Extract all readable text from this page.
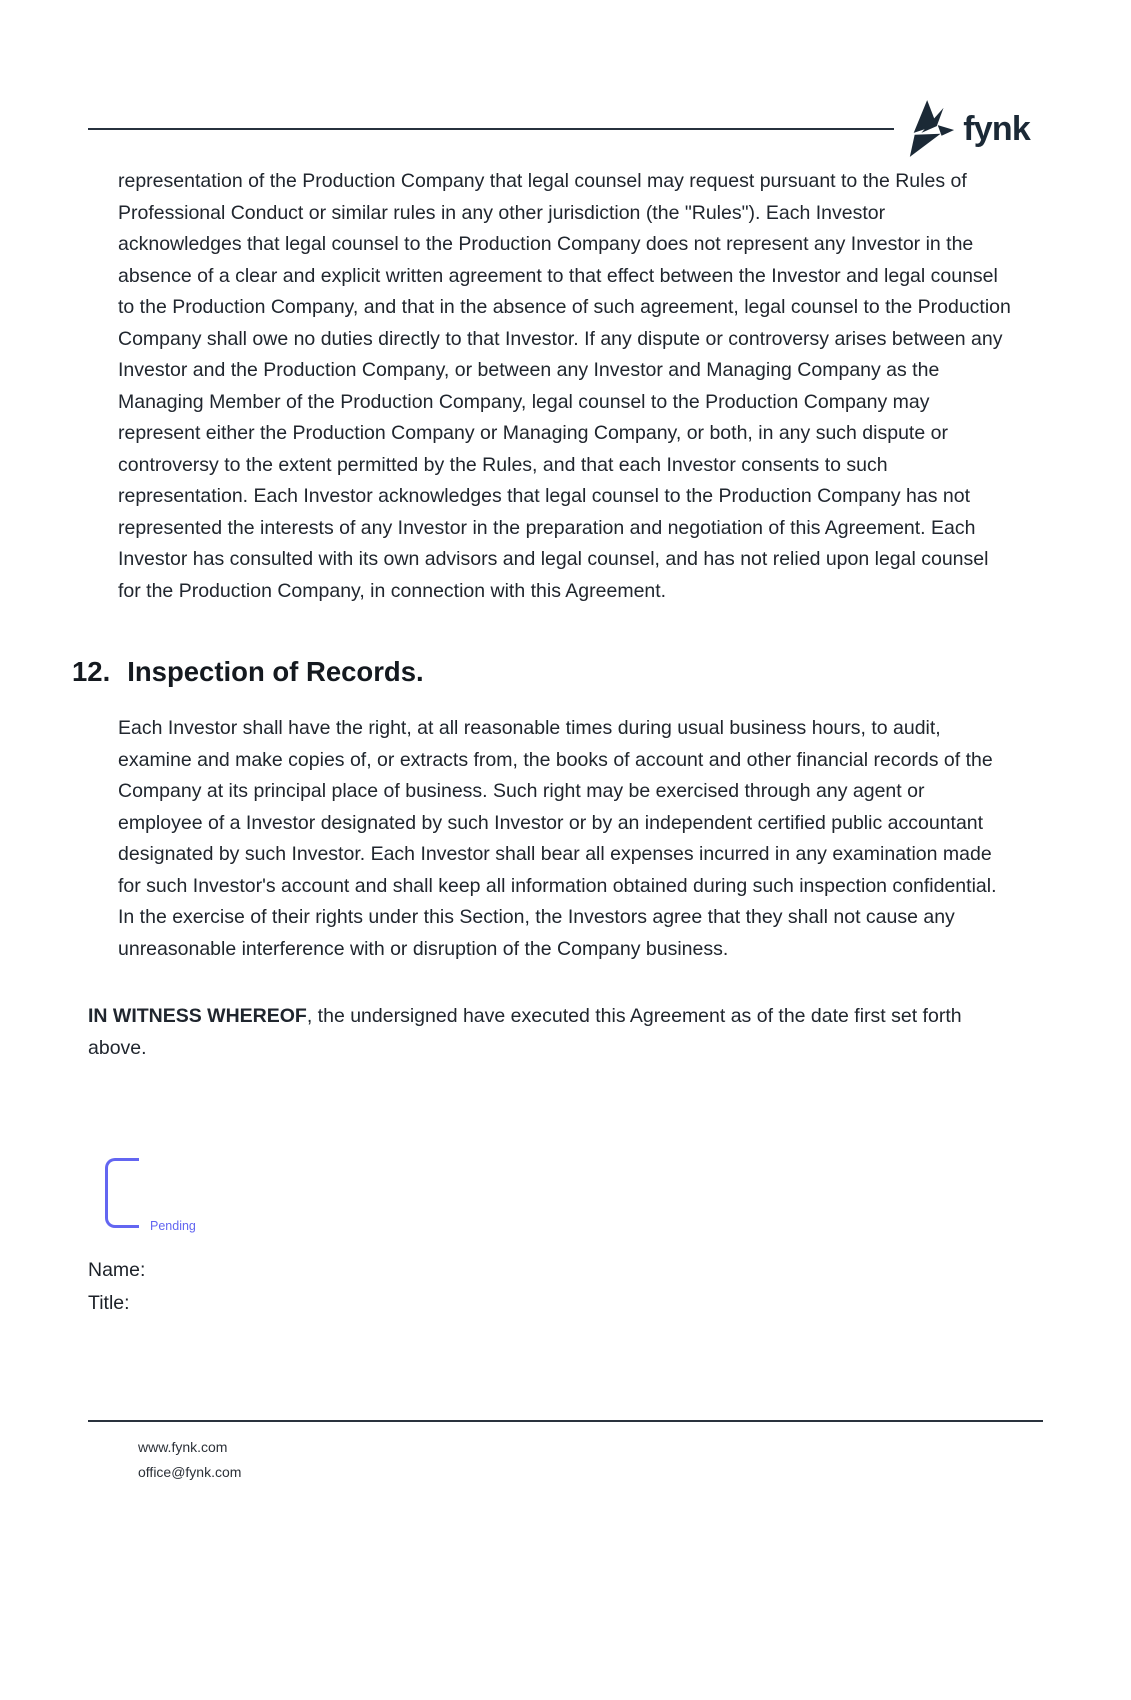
fynk

representation of the Production Company that legal counsel may request pursuant to the Rules of Professional Conduct or similar rules in any other jurisdiction (the "Rules"). Each Investor acknowledges that legal counsel to the Production Company does not represent any Investor in the absence of a clear and explicit written agreement to that effect between the Investor and legal counsel to the Production Company, and that in the absence of such agreement, legal counsel to the Production Company shall owe no duties directly to that Investor. If any dispute or controversy arises between any Investor and the Production Company, or between any Investor and Managing Company as the Managing Member of the Production Company, legal counsel to the Production Company may represent either the Production Company or Managing Company, or both, in any such dispute or controversy to the extent permitted by the Rules, and that each Investor consents to such representation. Each Investor acknowledges that legal counsel to the Production Company has not represented the interests of any Investor in the preparation and negotiation of this Agreement. Each Investor has consulted with its own advisors and legal counsel, and has not relied upon legal counsel for the Production Company, in connection with this Agreement.

12. Inspection of Records.

Each Investor shall have the right, at all reasonable times during usual business hours, to audit, examine and make copies of, or extracts from, the books of account and other financial records of the Company at its principal place of business. Such right may be exercised through any agent or employee of a Investor designated by such Investor or by an independent certified public accountant designated by such Investor. Each Investor shall bear all expenses incurred in any examination made for such Investor's account and shall keep all information obtained during such inspection confidential. In the exercise of their rights under this Section, the Investors agree that they shall not cause any unreasonable interference with or disruption of the Company business.

IN WITNESS WHEREOF, the undersigned have executed this Agreement as of the date first set forth above.

Pending
Name:
Title:
www.fynk.com
office@fynk.com
